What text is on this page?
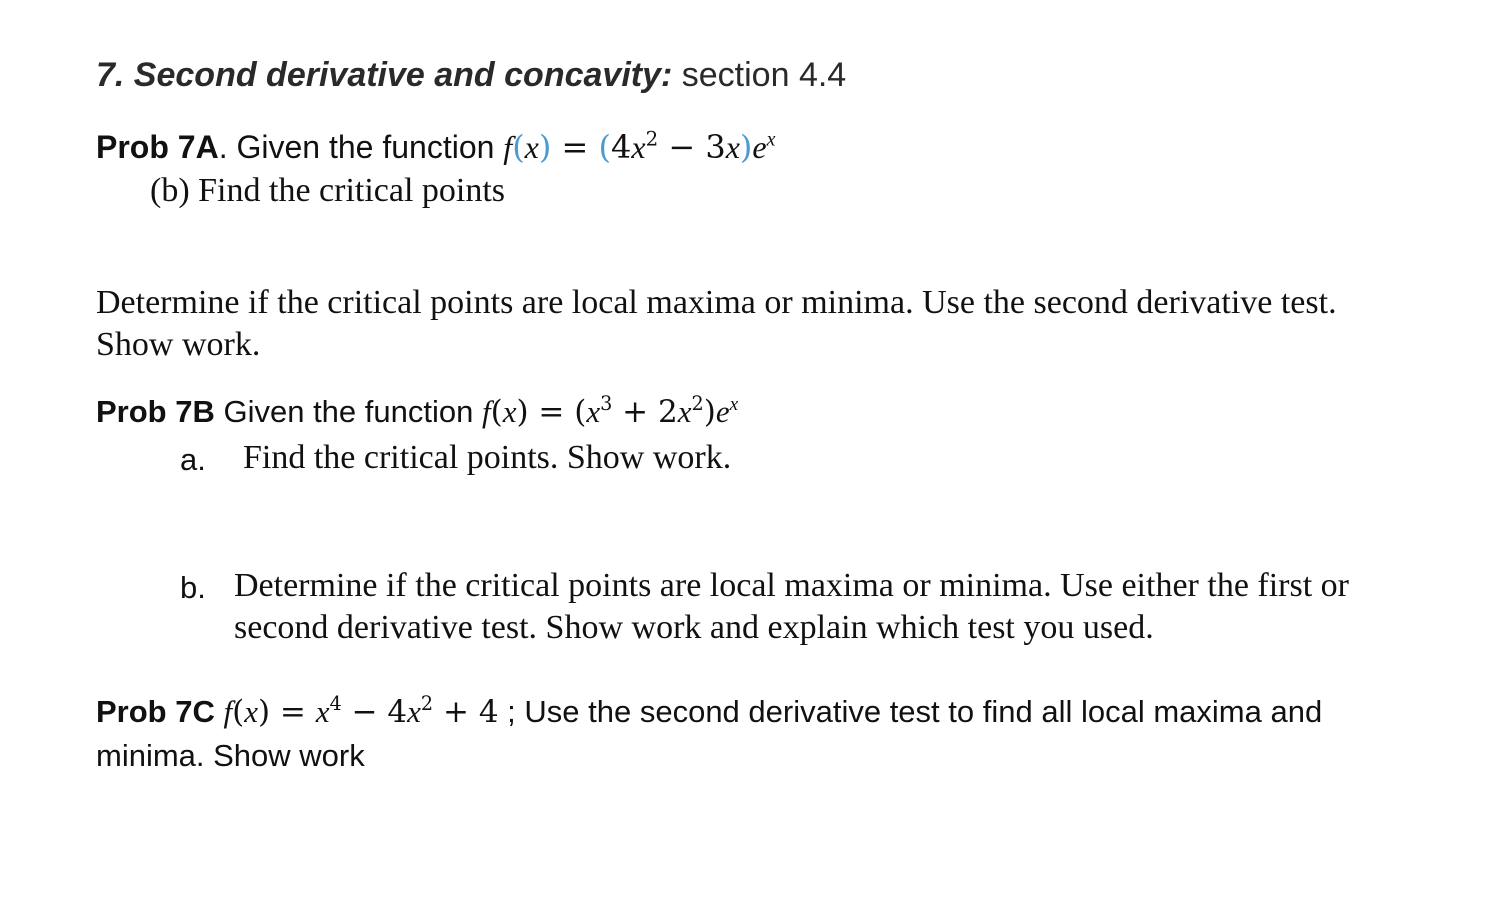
7. Second derivative and concavity: section 4.4
Prob 7A. Given the function $f(x) = (4x^2 - 3x)e^x$
(b) Find the critical points
Determine if the critical points are local maxima or minima. Use the second derivative test.
Show work.
Prob 7B Given the function $f(x) = (x^3 + 2x^2)e^x$
a. Find the critical points. Show work.
b. Determine if the critical points are local maxima or minima. Use either the first or
second derivative test. Show work and explain which test you used.
Prob 7C $f(x) = x^4 - 4x^2 + 4$ ; Use the second derivative test to find all local maxima and
minima. Show work
